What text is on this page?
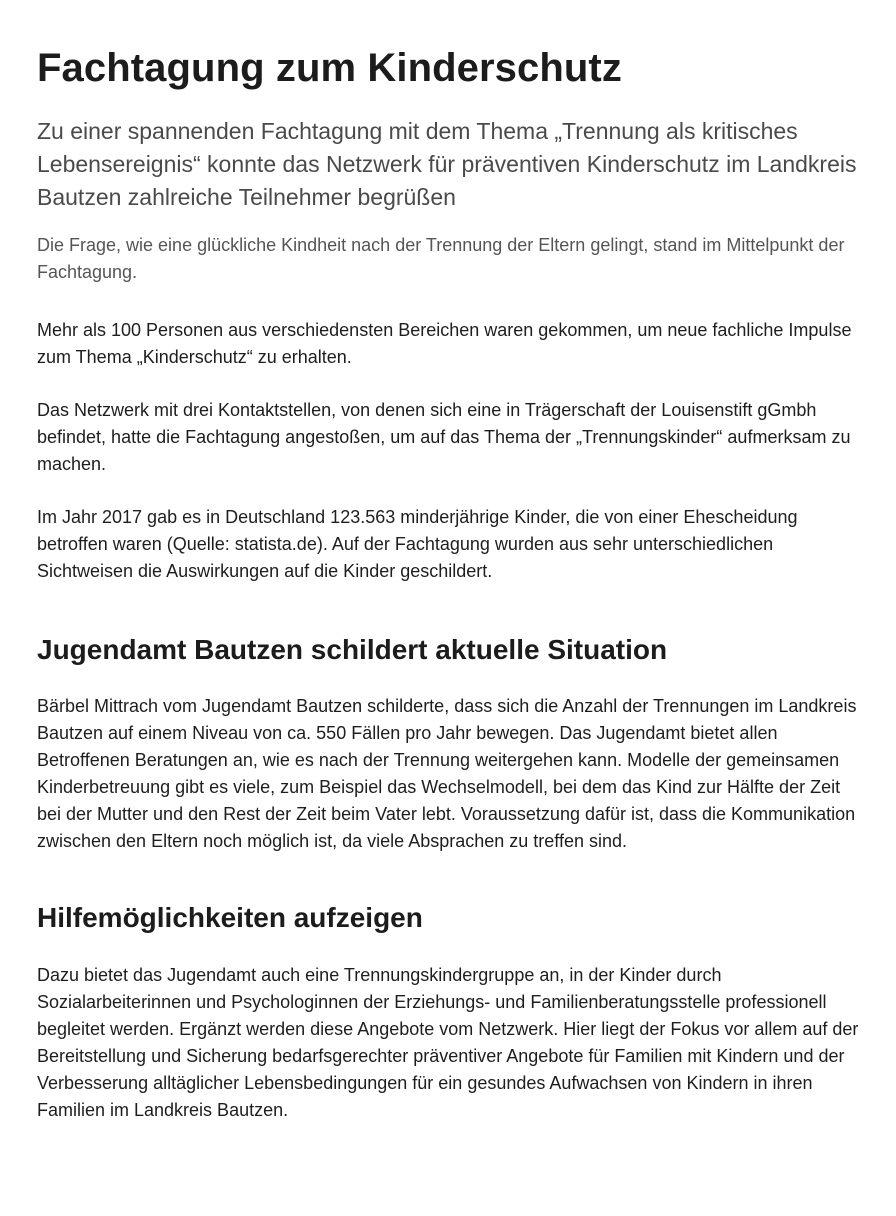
Fachtagung zum Kinderschutz

Zu einer spannenden Fachtagung mit dem Thema „Trennung als kritisches Lebensereignis“ konnte das Netzwerk für präventiven Kinderschutz im Landkreis Bautzen zahlreiche Teilnehmer begrüßen

Die Frage, wie eine glückliche Kindheit nach der Trennung der Eltern gelingt, stand im Mittelpunkt der Fachtagung.

Mehr als 100 Personen aus verschiedensten Bereichen waren gekommen, um neue fachliche Impulse zum Thema „Kinderschutz“ zu erhalten.

Das Netzwerk mit drei Kontaktstellen, von denen sich eine in Trägerschaft der Louisenstift gGmbh befindet, hatte die Fachtagung angestoßen, um auf das Thema der „Trennungskinder“ aufmerksam zu machen.

Im Jahr 2017 gab es in Deutschland 123.563 minderjährige Kinder, die von einer Ehescheidung betroffen waren (Quelle: statista.de). Auf der Fachtagung wurden aus sehr unterschiedlichen Sichtweisen die Auswirkungen auf die Kinder geschildert.

Jugendamt Bautzen schildert aktuelle Situation

Bärbel Mittrach vom Jugendamt Bautzen schilderte, dass sich die Anzahl der Trennungen im Landkreis Bautzen auf einem Niveau von ca. 550 Fällen pro Jahr bewegen. Das Jugendamt bietet allen Betroffenen Beratungen an, wie es nach der Trennung weitergehen kann. Modelle der gemeinsamen Kinderbetreuung gibt es viele, zum Beispiel das Wechselmodell, bei dem das Kind zur Hälfte der Zeit bei der Mutter und den Rest der Zeit beim Vater lebt. Voraussetzung dafür ist, dass die Kommunikation zwischen den Eltern noch möglich ist, da viele Absprachen zu treffen sind.

Hilfemöglichkeiten aufzeigen

Dazu bietet das Jugendamt auch eine Trennungskindergruppe an, in der Kinder durch Sozialarbeiterinnen und Psychologinnen der Erziehungs- und Familienberatungsstelle professionell begleitet werden. Ergänzt werden diese Angebote vom Netzwerk. Hier liegt der Fokus vor allem auf der Bereitstellung und Sicherung bedarfsgerechter präventiver Angebote für Familien mit Kindern und der Verbesserung alltäglicher Lebensbedingungen für ein gesundes Aufwachsen von Kindern in ihren Familien im Landkreis Bautzen.
